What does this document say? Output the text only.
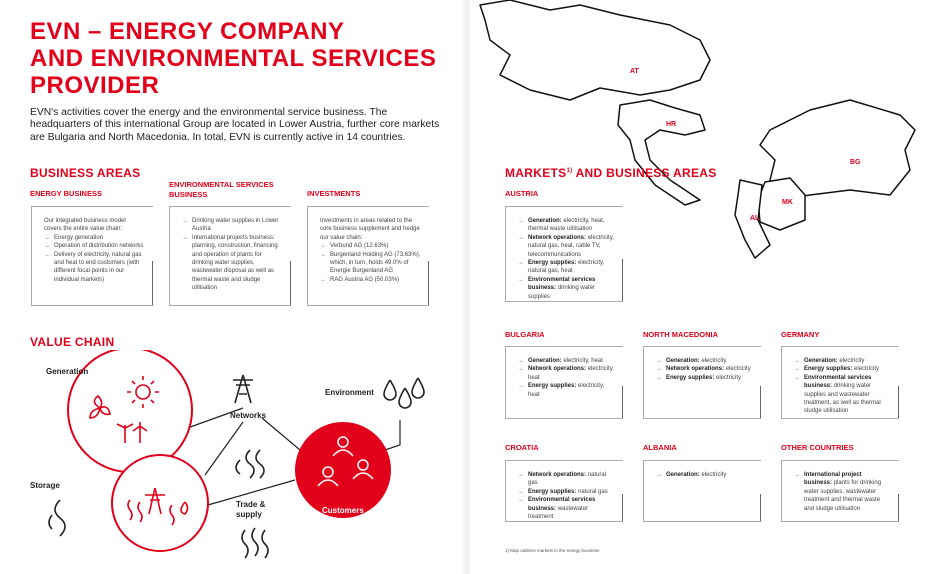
EVN – ENERGY COMPANY
AND ENVIRONMENTAL SERVICES
PROVIDER

EVN's activities cover the energy and the environmental service business. The headquarters of this international Group are located in Lower Austria, further core markets are Bulgaria and North Macedonia. In total, EVN is currently active in 14 countries.

BUSINESS AREAS
ENERGY BUSINESS
Our integrated business model covers the entire value chain:
→ Energy generation
→ Operation of distribution networks
→ Delivery of electricity, natural gas and heat to end customers (with different focal points in our individual markets)
ENVIRONMENTAL SERVICES BUSINESS
→ Drinking water supplies in Lower Austria
→ International projects business: planning, construction, financing and operation of plants for drinking water supplies, wastewater disposal as well as thermal waste and sludge utilisation
INVESTMENTS
Investments in areas related to the core business supplement and hedge our value chain:
→ Verbund AG (12.63%)
→ Burgenland Holding AG (73.63%), which, in turn, holds 49.0% of Energie Burgenland AG
→ RAG Austria AG (50.03%)
VALUE CHAIN
Generation
Storage
Networks
Environment
Trade &
supply	Customers
AT
HR
BG
MK
AL
MARKETS$^{1)}$ AND BUSINESS AREAS
AUSTRIA
→ Generation: electricity, heat, thermal waste utilisation
→ Network operations: electricity, natural gas, heat, cable TV, telecommunications
→ Energy supplies: electricity, natural gas, heat
→ Environmental services business: drinking water supplies
BULGARIA
→ Generation: electricity, heat
→ Network operations: electricity, heat
→ Energy supplies: electricity, heat
NORTH MACEDONIA
→ Generation: electricity
→ Network operations: electricity
→ Energy supplies: electricity
GERMANY
→ Generation: electricity
→ Energy supplies: electricity
→ Environmental services business: drinking water supplies and wastewater treatment, as well as thermal sludge utilisation
CROATIA
→ Network operations: natural gas
→ Energy supplies: natural gas
→ Environmental services business: wastewater treatment
ALBANIA
→ Generation: electricity
OTHER COUNTRIES
→ International project business: plants for drinking water supplies, wastewater treatment and thermal waste and sludge utilisation
1) Map outlines markets in the energy business
